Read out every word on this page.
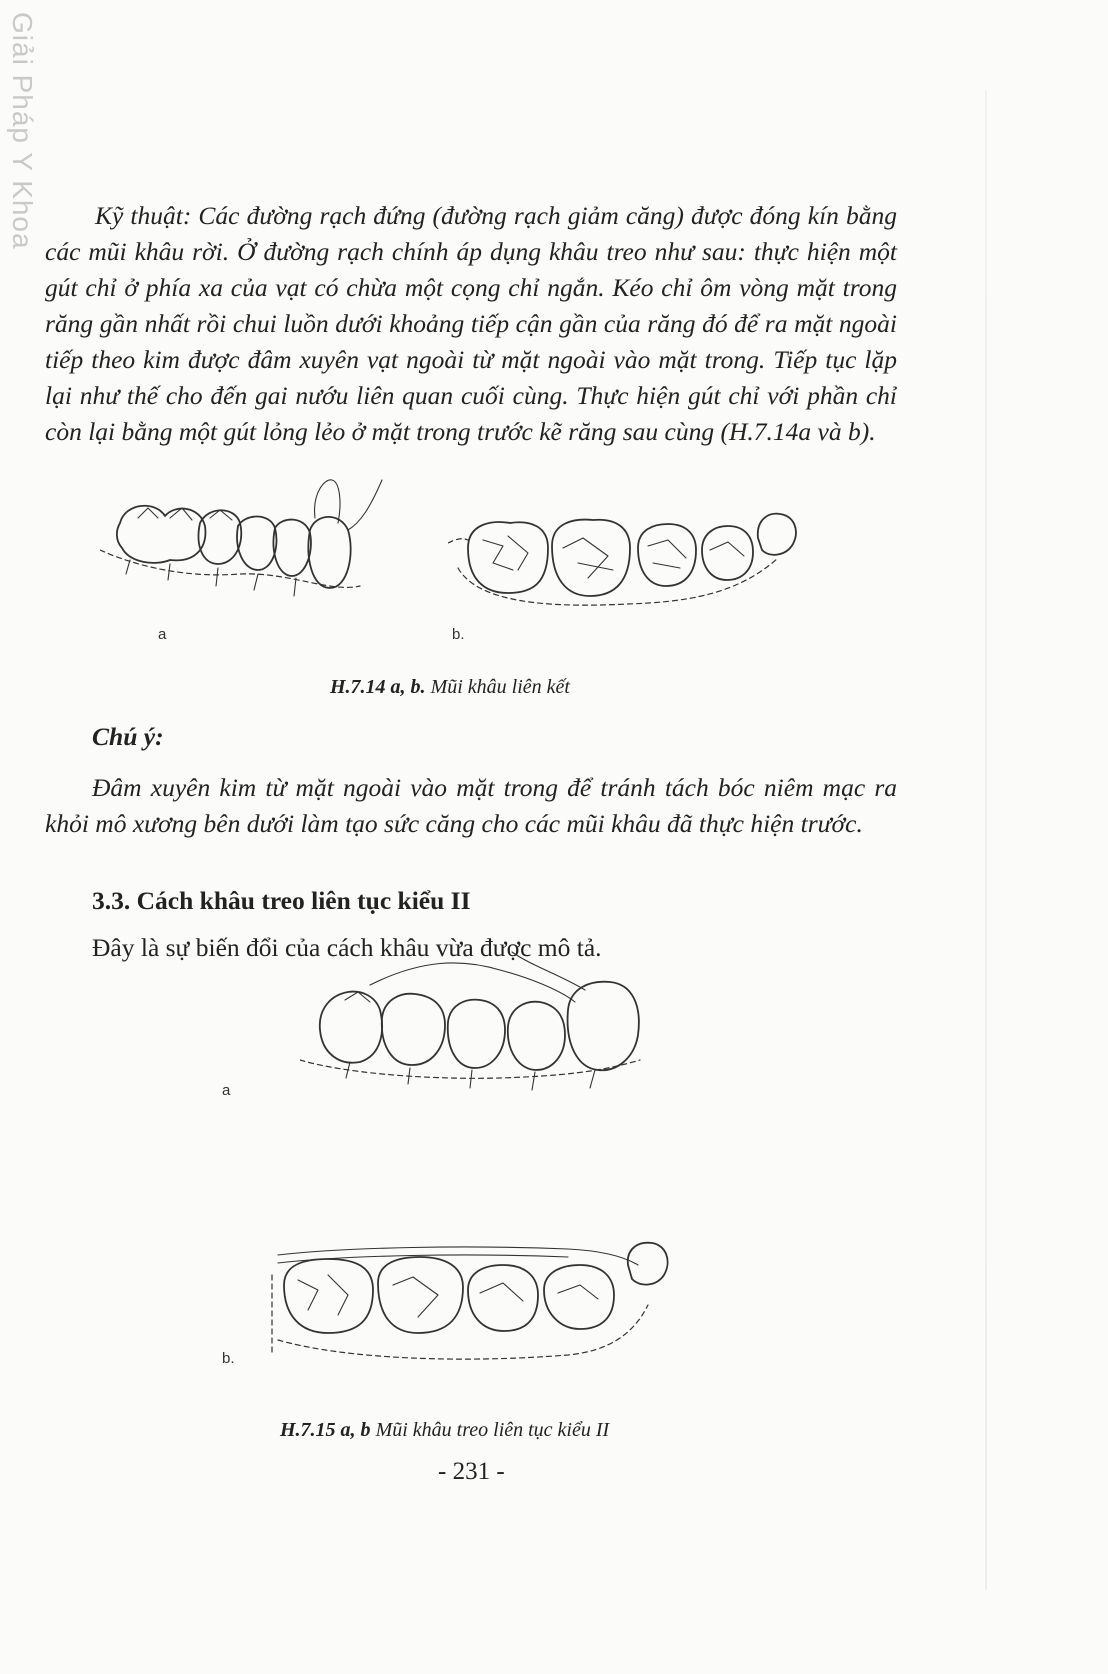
Giải Pháp Y Khoa	Kỹ thuật: Các đường rạch đứng (đường rạch giảm căng) được đóng kín bằng các mũi khâu rời. Ở đường rạch chính áp dụng khâu treo như sau: thực hiện một gút chỉ ở phía xa của vạt có chừa một cọng chỉ ngắn. Kéo chỉ ôm vòng mặt trong răng gần nhất rồi chui luồn dưới khoảng tiếp cận gần của răng đó để ra mặt ngoài tiếp theo kim được đâm xuyên vạt ngoài từ mặt ngoài vào mặt trong. Tiếp tục lặp lại như thế cho đến gai nướu liên quan cuối cùng. Thực hiện gút chỉ với phần chỉ còn lại bằng một gút lỏng lẻo ở mặt trong trước kẽ răng sau cùng (H.7.14a và b).

a	b.

H.7.14 a, b. Mũi khâu liên kết

Chú ý:

Đâm xuyên kim từ mặt ngoài vào mặt trong để tránh tách bóc niêm mạc ra khỏi mô xương bên dưới làm tạo sức căng cho các mũi khâu đã thực hiện trước.

3.3. Cách khâu treo liên tục kiểu II

Đây là sự biến đổi của cách khâu vừa được mô tả.

a
b.

H.7.15 a, b Mũi khâu treo liên tục kiểu II

- 231 -
